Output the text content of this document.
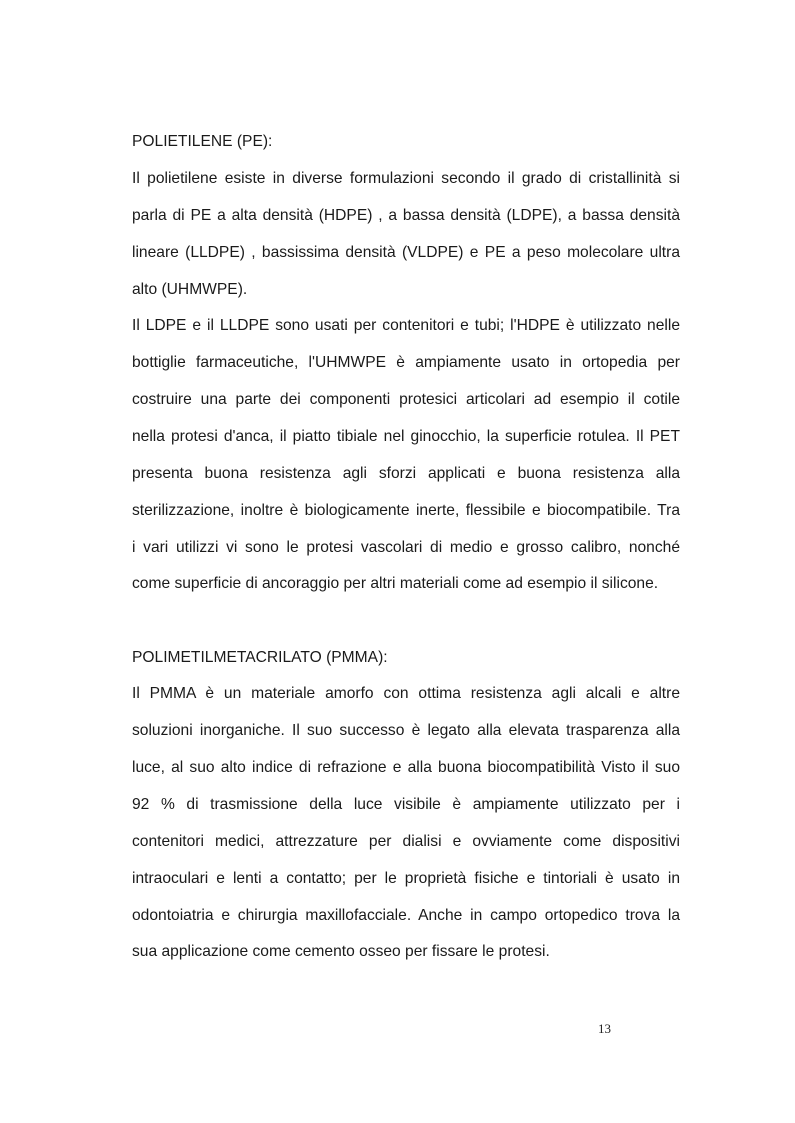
POLIETILENE (PE):
Il polietilene esiste in diverse formulazioni secondo il grado di cristallinità si
parla di PE a alta densità (HDPE) , a bassa densità (LDPE), a bassa densità
lineare (LLDPE) , bassissima densità (VLDPE) e PE a peso molecolare ultra
alto (UHMWPE).
Il LDPE e il LLDPE sono usati per contenitori e tubi; l'HDPE è utilizzato nelle
bottiglie farmaceutiche, l'UHMWPE è ampiamente usato in ortopedia per
costruire una parte dei componenti protesici articolari ad esempio il cotile
nella protesi d'anca, il piatto tibiale nel ginocchio, la superficie rotulea. Il PET
presenta buona resistenza agli sforzi applicati e buona resistenza alla
sterilizzazione, inoltre è biologicamente inerte, flessibile e biocompatibile. Tra
i vari utilizzi vi sono le protesi vascolari di medio e grosso calibro, nonché
come superficie di ancoraggio per altri materiali come ad esempio il silicone.
POLIMETILMETACRILATO (PMMA):
Il PMMA è un materiale amorfo con ottima resistenza agli alcali e altre
soluzioni inorganiche. Il suo successo è legato alla elevata trasparenza alla
luce, al suo alto indice di refrazione e alla buona biocompatibilità Visto il suo
92 % di trasmissione della luce visibile è ampiamente utilizzato per i
contenitori medici, attrezzature per dialisi e ovviamente come dispositivi
intraoculari e lenti a contatto; per le proprietà fisiche e tintoriali è usato in
odontoiatria e chirurgia maxillofacciale. Anche in campo ortopedico trova la
sua applicazione come cemento osseo per fissare le protesi.
13
